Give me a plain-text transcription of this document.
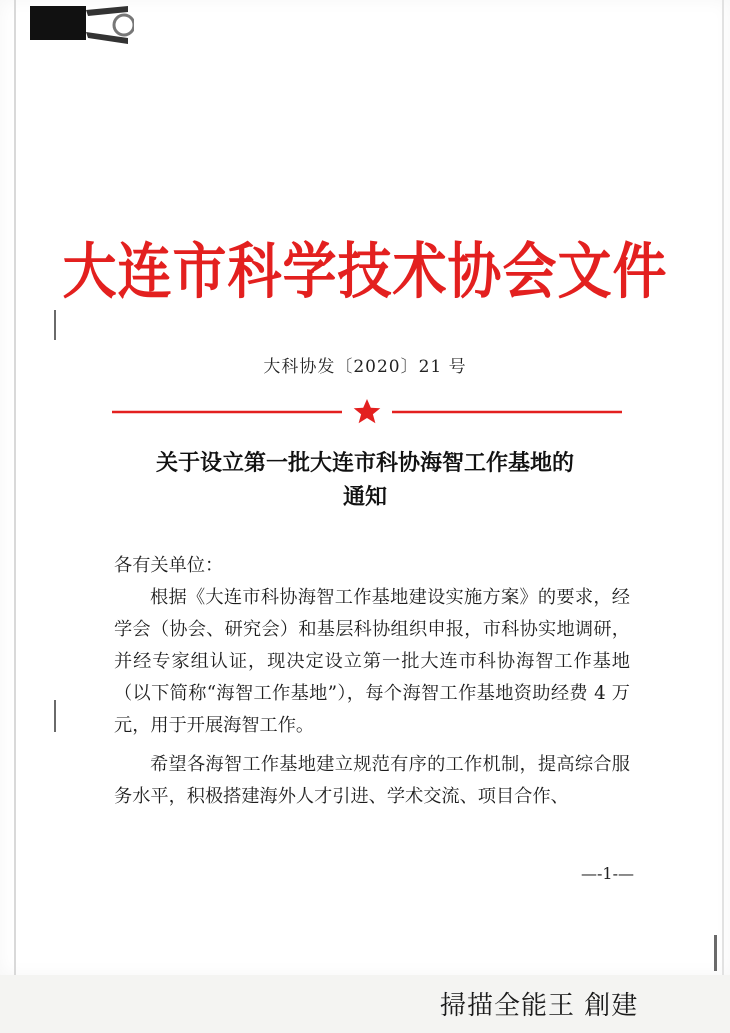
大连市科学技术协会文件
大科协发〔2020〕21 号
关于设立第一批大连市科协海智工作基地的
通知

各有关单位：

根据《大连市科协海智工作基地建设实施方案》的要求，经学会（协会、研究会）和基层科协组织申报，市科协实地调研，并经专家组认证，现决定设立第一批大连市科协海智工作基地（以下简称“海智工作基地”），每个海智工作基地资助经费 4 万元，用于开展海智工作。

希望各海智工作基地建立规范有序的工作机制，提高综合服务水平，积极搭建海外人才引进、学术交流、项目合作、

—-1-—
掃描全能王 創建
